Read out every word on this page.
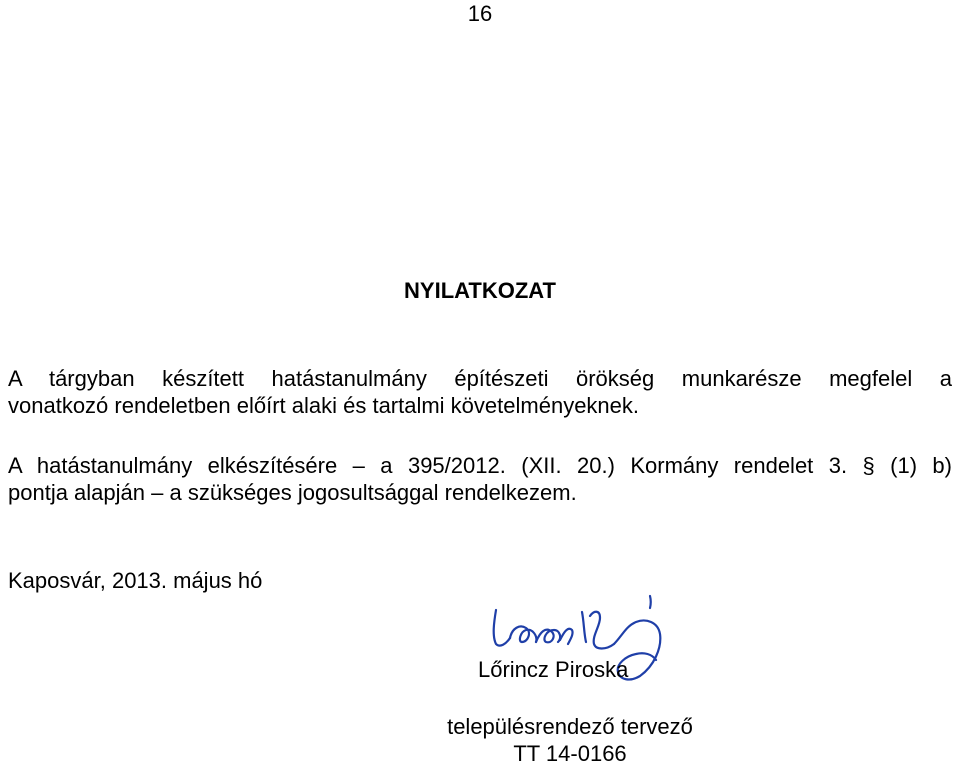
16
NYILATKOZAT
A tárgyban készített hatástanulmány építészeti örökség munkarésze megfelel a
vonatkozó rendeletben előírt alaki és tartalmi követelményeknek.
A hatástanulmány elkészítésére – a 395/2012. (XII. 20.) Kormány rendelet 3. § (1) b)
pontja alapján – a szükséges jogosultsággal rendelkezem.
Kaposvár, 2013. május hó
Lőrincz Piroska
településrendező tervező
TT 14-0166
